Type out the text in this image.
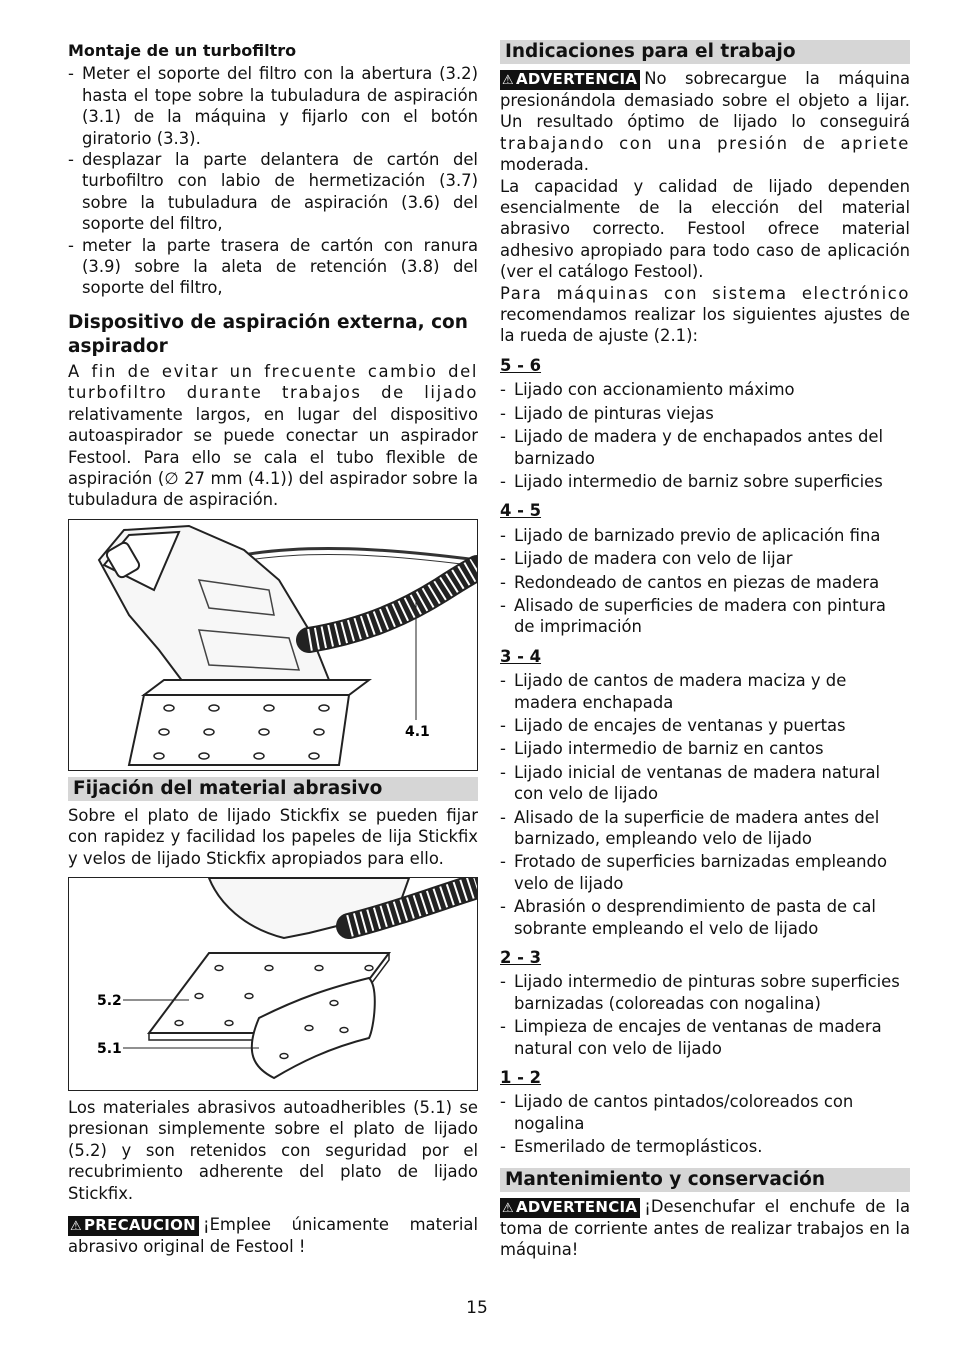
Montaje de un turbofiltro
- Meter el soporte del filtro con la abertura (3.2) hasta el tope sobre la tubuladura de aspiración (3.1) de la máquina y fijarlo con el botón giratorio (3.3).
- desplazar la parte delantera de cartón del turbofiltro con labio de hermetización (3.7) sobre la tubuladura de aspiración (3.6) del soporte del filtro,
- meter la parte trasera de cartón con ranura (3.9) sobre la aleta de retención (3.8) del soporte del filtro,
Dispositivo de aspiración externa, con aspirador

A fin de evitar un frecuente cambio del turbofiltro durante trabajos de lijado relativamente largos, en lugar del dispositivo autoaspirador se puede conectar un aspirador Festool. Para ello se cala el tubo flexible de aspiración (∅ 27 mm (4.1)) del aspirador sobre la tubuladura de aspiración.

4.1
Fijación del material abrasivo

Sobre el plato de lijado Stickfix se pueden fijar con rapidez y facilidad los papeles de lija Stickfix y velos de lijado Stickfix apropiados para ello.

5.2
5.1

Los materiales abrasivos autoadheribles (5.1) se presionan simplemente sobre el plato de lijado (5.2) y son retenidos con seguridad por el recubrimiento adherente del plato de lijado Stickfix.

⚠ PRECAUCION ¡Emplee únicamente material abrasivo original de Festool !

Indicaciones para el trabajo

⚠ ADVERTENCIA No sobrecargue la máquina presionándola demasiado sobre el objeto a lijar. Un resultado óptimo de lijado lo conseguirá trabajando con una presión de apriete moderada.

La capacidad y calidad de lijado dependen esencialmente de la elección del material abrasivo correcto. Festool ofrece material adhesivo apropiado para todo caso de aplicación (ver el catálogo Festool).

Para máquinas con sistema electrónico recomendamos realizar los siguientes ajustes de la rueda de ajuste (2.1):

5 - 6
- Lijado con accionamiento máximo
- Lijado de pinturas viejas
- Lijado de madera y de enchapados antes del barnizado
- Lijado intermedio de barniz sobre superficies
4 - 5
- Lijado de barnizado previo de aplicación fina
- Lijado de madera con velo de lijar
- Redondeado de cantos en piezas de madera
- Alisado de superficies de madera con pintura de imprimación
3 - 4
- Lijado de cantos de madera maciza y de madera enchapada
- Lijado de encajes de ventanas y puertas
- Lijado intermedio de barniz en cantos
- Lijado inicial de ventanas de madera natural con velo de lijado
- Alisado de la superficie de madera antes del barnizado, empleando velo de lijado
- Frotado de superficies barnizadas empleando velo de lijado
- Abrasión o desprendimiento de pasta de cal sobrante empleando el velo de lijado
2 - 3
- Lijado intermedio de pinturas sobre superficies barnizadas (coloreadas con nogalina)
- Limpieza de encajes de ventanas de madera natural con velo de lijado
1 - 2
- Lijado de cantos pintados/coloreados con nogalina
- Esmerilado de termoplásticos.
Mantenimiento y conservación

⚠ ADVERTENCIA ¡Desenchufar el enchufe de la toma de corriente antes de realizar trabajos en la máquina!

15
